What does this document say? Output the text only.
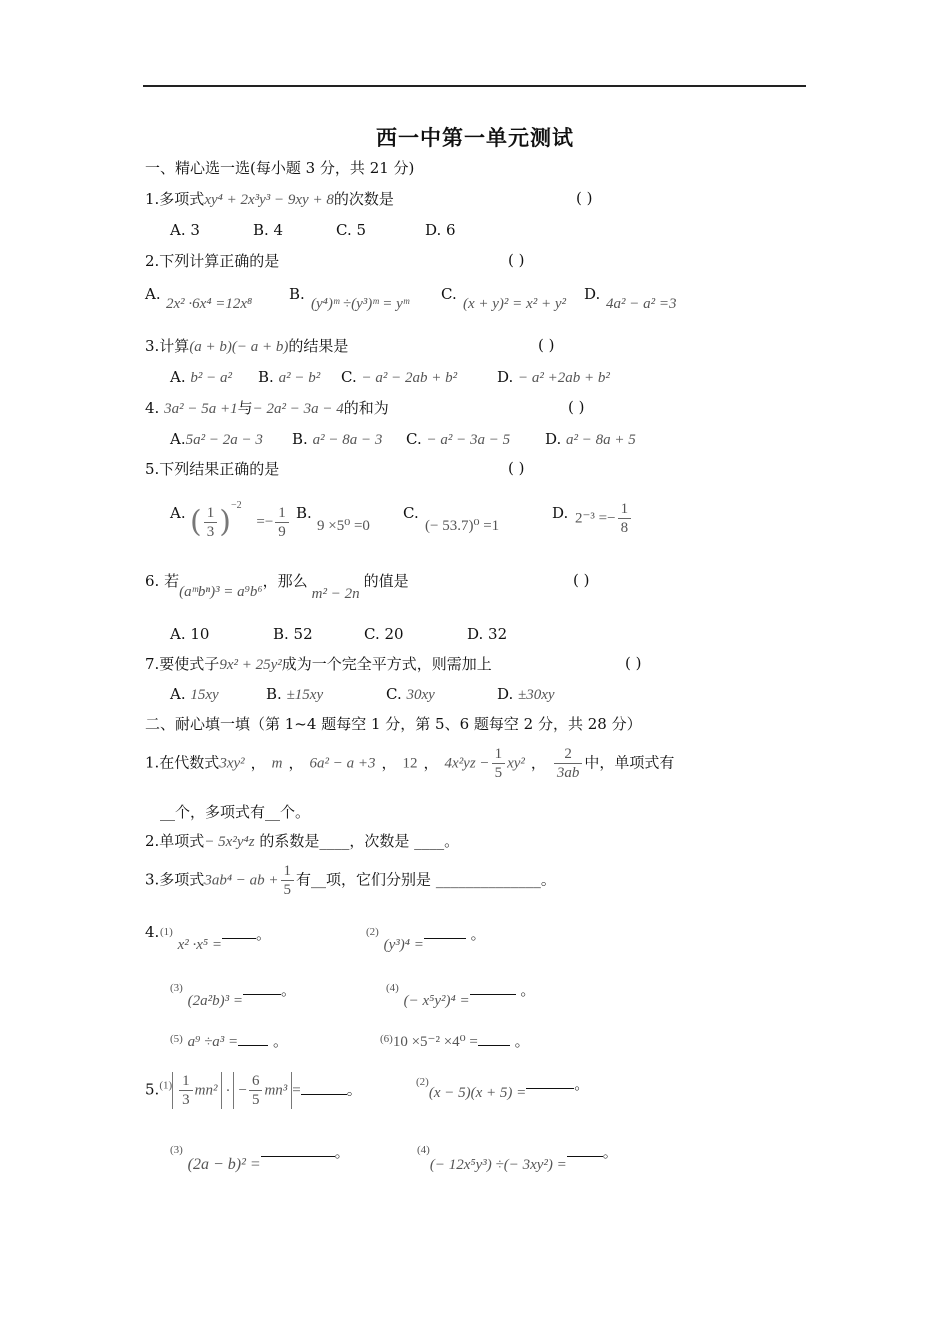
西一中第一单元测试
一、精心选一选(每小题 3 分，共 21 分)
1.多项式xy⁴ + 2x³y³ − 9xy + 8的次数是	( )
A. 3	B. 4	C. 5	D. 6
2.下列计算正确的是	( )
A.
2x² ·6x⁴ =12x⁸
B.
(y⁴)ᵐ ÷(y³)ᵐ = yᵐ
C.
(x + y)² = x² + y²
D.
4a² − a² =3
3.计算(a + b)(− a + b)的结果是	( )
A. b² − a² B. a² − b² C. − a² − 2ab + b²	D. − a² +2ab + b²
4. 3a² − 5a +1与− 2a² − 3a − 4的和为	( )
A.5a² − 2a − 3 B. a² − 8a − 3 C. − a² − 3a − 5 D. a² − 8a + 5
5.下列结果正确的是	( )
A. ( $\frac{1}{3} )^{-2} =- \frac{1}{9} B$.
9 ×5⁰ =0
C.
(− 53.7)⁰ =1
D. $2^{-3} =- \frac{1}{8}$
6. 若(aᵐbⁿ)³ = a⁹b⁶，那么m² − 2n的值是	( )
A. 10	B. 52	C. 20	D. 32
7.要使式子9x² + 25y²成为一个完全平方式，则需加上	( )
A. 15xy	B. ±15xy	C. 30xy	D. ±30xy
二、耐心填一填（第 1~4 题每空 1 分，第 5、6 题每空 2 分，共 28 分）
1.在代数式3xy² ， m ， 6a² − a +3 ， 12 ， $4x^2yz - \frac{1}{5} xy^2$ ， $\frac{2}{3ab}$ 中，单项式有
__个，多项式有__个。
2.单项式− 5x²y⁴z 的系数是____，次数是 ____。
3.多项式3ab⁴ − ab + $\frac{1}{5}$ 有__项，它们分别是 ______________。
4. $^{(1)}$ x² ·x⁵ =。	$^{(2)}$ (y³)⁴ = 。
$^{(3)}$ (2a²b)³ =。	$^{(4)}$ (− x⁵y²)⁴ = 。
$^{(5)}$ a⁹ ÷a³ = 。	$^{(6)}$10 ×5⁻² ×4⁰ = 。
$5.^{(1)} \frac{1}{3} mn^2$ · − $\frac{6}{5} mn^3$ =	。	$^{(2)}$(x − 5)(x + 5) =	。
$^{(3)}$ (2a − b)² =。	$^{(4)}$(− 12x⁵y³) ÷(− 3xy²) =。
